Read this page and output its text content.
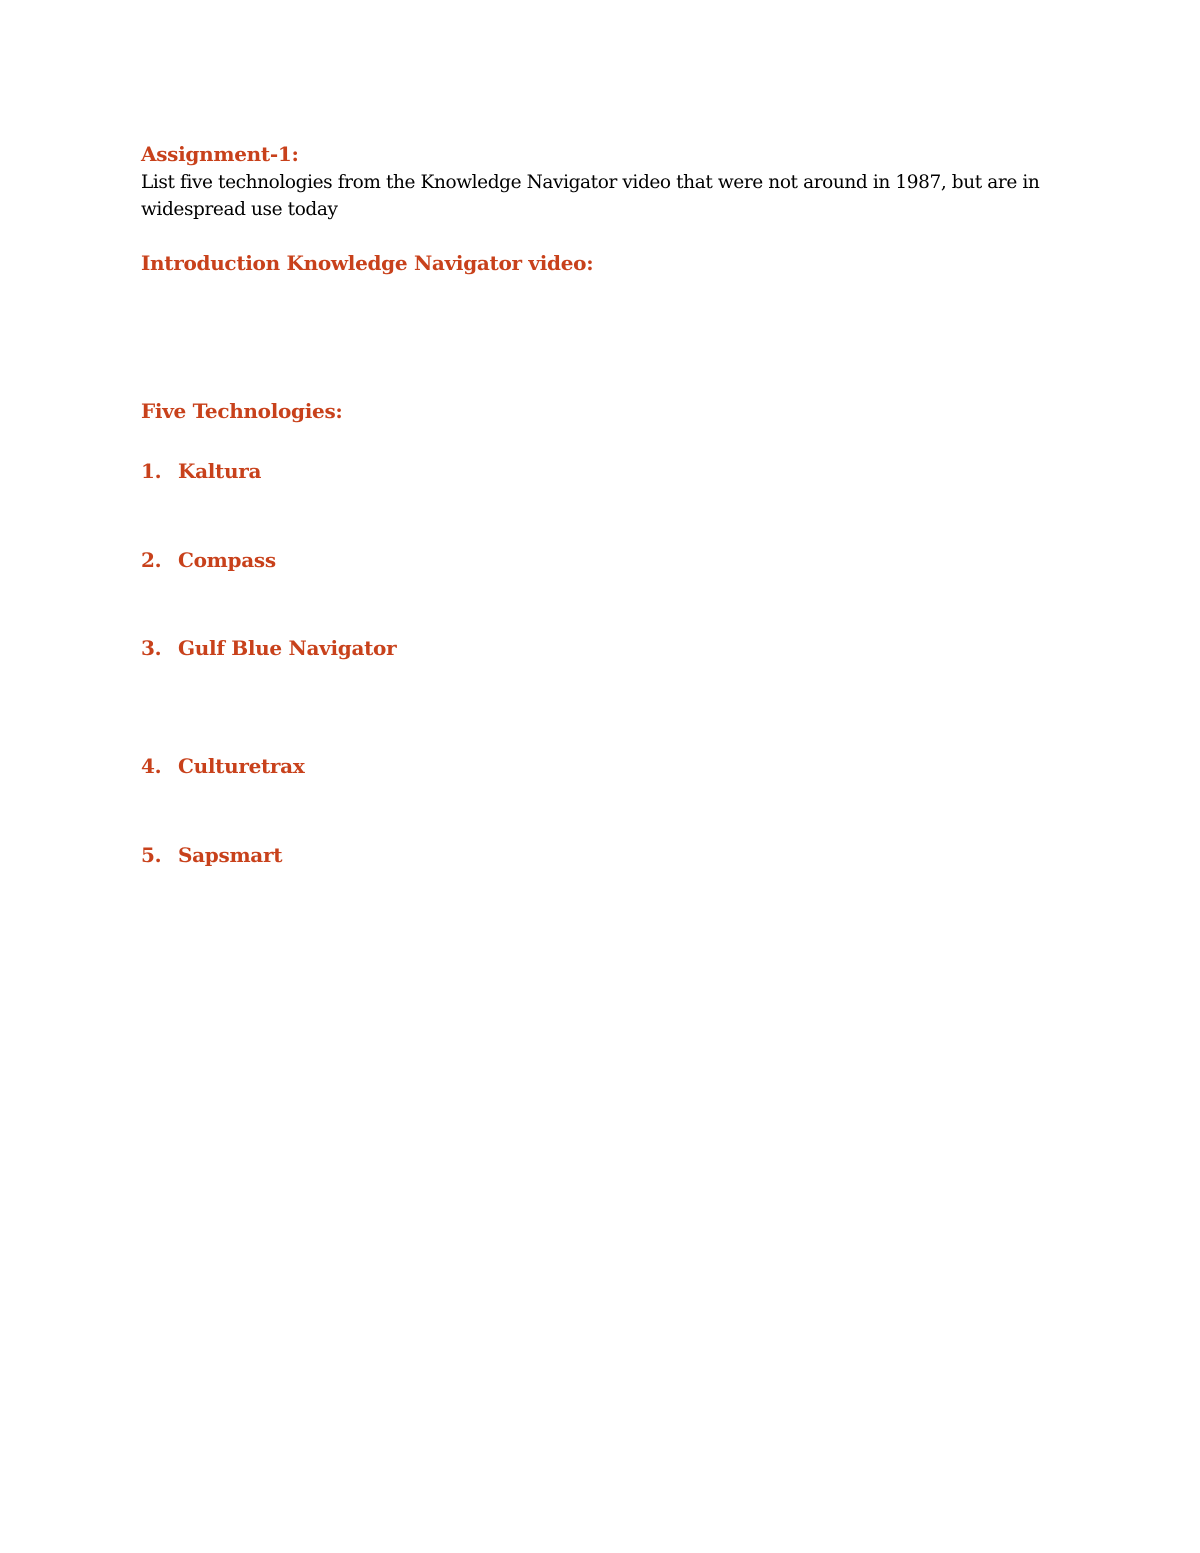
Assignment-1:
List five technologies from the Knowledge Navigator video that were not around in 1987, but are in widespread use today
Introduction Knowledge Navigator video:
Five Technologies:
1. Kaltura
2. Compass
3. Gulf Blue Navigator
4. Culturetrax
5. Sapsmart
